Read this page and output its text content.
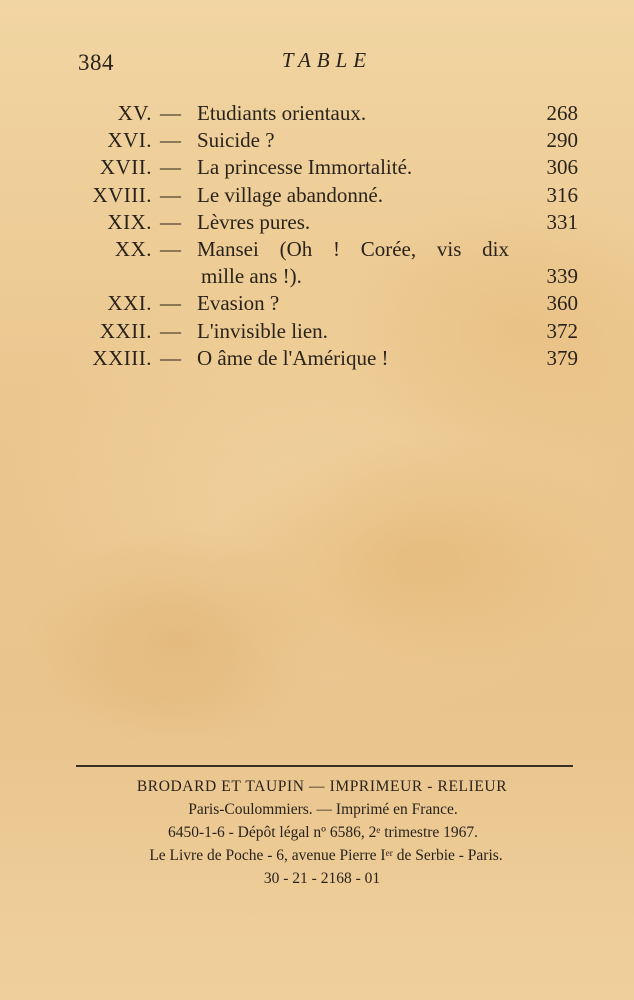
384	TABLE
XV. — Etudiants orientaux.	268
XVI. — Suicide ?	290
XVII. — La princesse Immortalité.	306
XVIII. — Le village abandonné.	316
XIX. — Lèvres pures.	331
XX. — Mansei (Oh ! Corée, vis dix
mille ans !).	339
XXI. — Evasion ?	360
XXII. — L'invisible lien.	372
XXIII. — O âme de l'Amérique !	379
BRODARD ET TAUPIN — IMPRIMEUR - RELIEUR
Paris-Coulommiers. — Imprimé en France.
6450-1-6 - Dépôt légal nº 6586, 2ᵉ trimestre 1967.
Le Livre de Poche - 6, avenue Pierre Iᵉʳ de Serbie - Paris.
30 - 21 - 2168 - 01
